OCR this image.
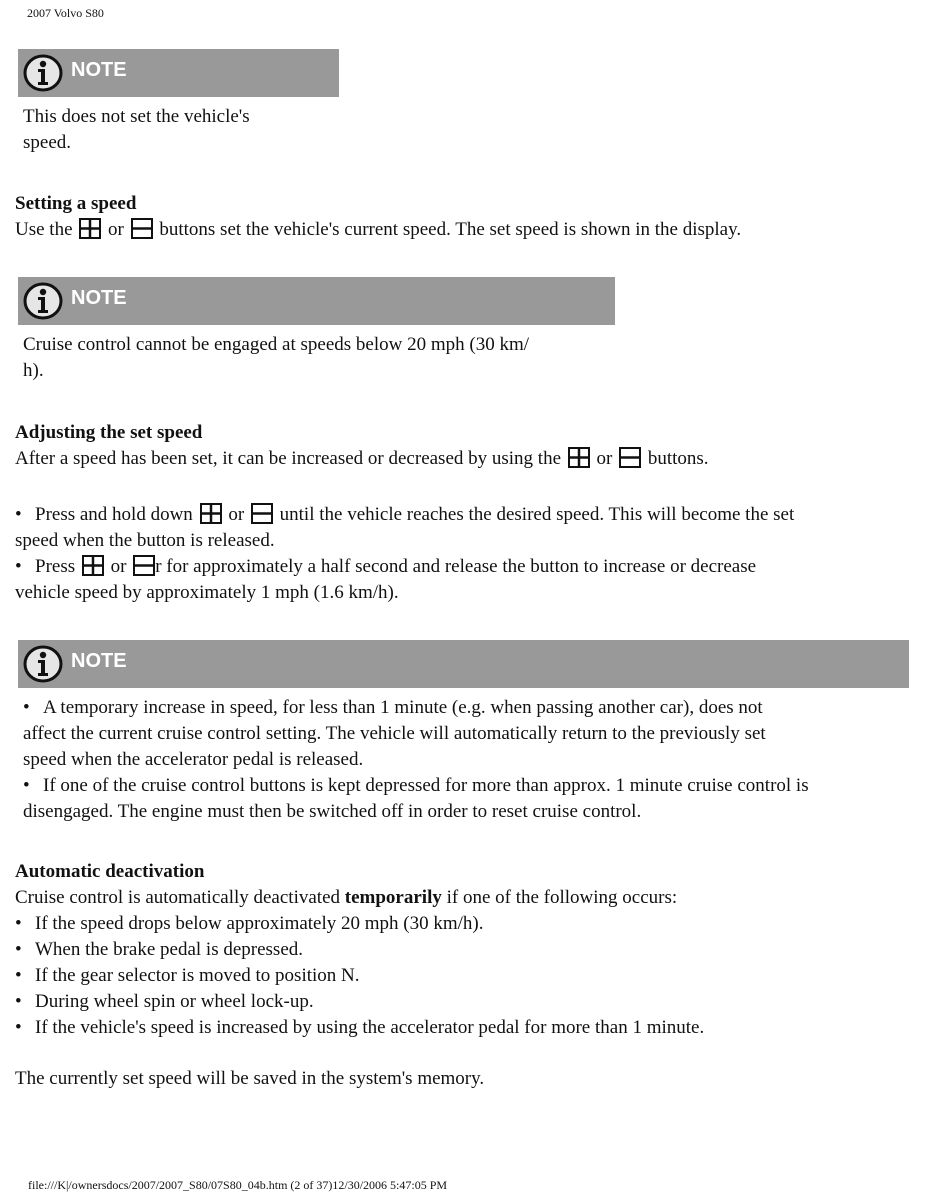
2007 Volvo S80
NOTE
This does not set the vehicle's
speed.
Setting a speed
Use the or buttons set the vehicle's current speed. The set speed is shown in the display.
NOTE
Cruise control cannot be engaged at speeds below 20 mph (30 km/
h).
Adjusting the set speed
After a speed has been set, it can be increased or decreased by using the or buttons.
• Press and hold down or until the vehicle reaches the desired speed. This will become the set
speed when the button is released.
• Press or r for approximately a half second and release the button to increase or decrease
vehicle speed by approximately 1 mph (1.6 km/h).
NOTE
• A temporary increase in speed, for less than 1 minute (e.g. when passing another car), does not
affect the current cruise control setting. The vehicle will automatically return to the previously set
speed when the accelerator pedal is released.
• If one of the cruise control buttons is kept depressed for more than approx. 1 minute cruise control is
disengaged. The engine must then be switched off in order to reset cruise control.
Automatic deactivation
Cruise control is automatically deactivated temporarily if one of the following occurs:
• If the speed drops below approximately 20 mph (30 km/h).
• When the brake pedal is depressed.
• If the gear selector is moved to position N.
• During wheel spin or wheel lock-up.
• If the vehicle's speed is increased by using the accelerator pedal for more than 1 minute.
The currently set speed will be saved in the system's memory.
file:///K|/ownersdocs/2007/2007_S80/07S80_04b.htm (2 of 37)12/30/2006 5:47:05 PM
